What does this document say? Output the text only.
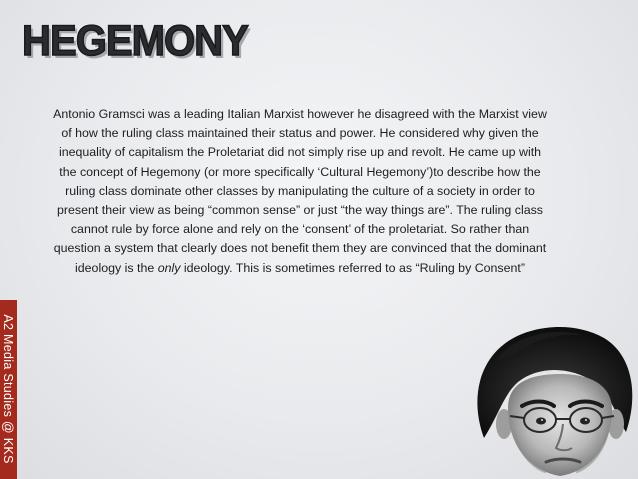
HEGEMONY
Antonio Gramsci was a leading Italian Marxist however he disagreed with the Marxist view of how the ruling class maintained their status and power. He considered why given the inequality of capitalism the Proletariat did not simply rise up and revolt. He came up with the concept of Hegemony (or more specifically ‘Cultural Hegemony’)to describe how the ruling class dominate other classes by manipulating the culture of a society in order to present their view as being “common sense” or just “the way things are”. The ruling class cannot rule by force alone and rely on the ‘consent’ of the proletariat. So rather than question a system that clearly does not benefit them they are convinced that the dominant ideology is the only ideology. This is sometimes referred to as “Ruling by Consent”
A2 Media Studies @ KKS
